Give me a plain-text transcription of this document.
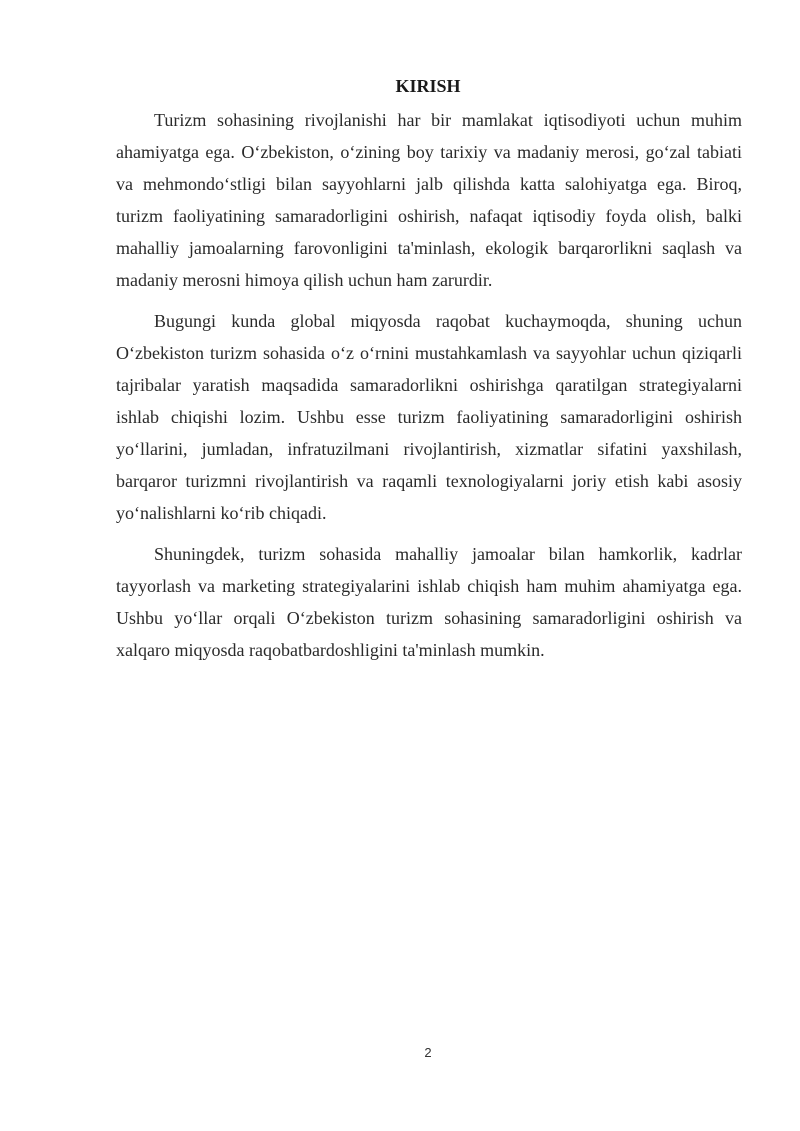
KIRISH

Turizm sohasining rivojlanishi har bir mamlakat iqtisodiyoti uchun muhim ahamiyatga ega. O‘zbekiston, o‘zining boy tarixiy va madaniy merosi, go‘zal tabiati va mehmondo‘stligi bilan sayyohlarni jalb qilishda katta salohiyatga ega. Biroq, turizm faoliyatining samaradorligini oshirish, nafaqat iqtisodiy foyda olish, balki mahalliy jamoalarning farovonligini ta'minlash, ekologik barqarorlikni saqlash va madaniy merosni himoya qilish uchun ham zarurdir.

Bugungi kunda global miqyosda raqobat kuchaymoqda, shuning uchun O‘zbekiston turizm sohasida o‘z o‘rnini mustahkamlash va sayyohlar uchun qiziqarli tajribalar yaratish maqsadida samaradorlikni oshirishga qaratilgan strategiyalarni ishlab chiqishi lozim. Ushbu esse turizm faoliyatining samaradorligini oshirish yo‘llarini, jumladan, infratuzilmani rivojlantirish, xizmatlar sifatini yaxshilash, barqaror turizmni rivojlantirish va raqamli texnologiyalarni joriy etish kabi asosiy yo‘nalishlarni ko‘rib chiqadi.

Shuningdek, turizm sohasida mahalliy jamoalar bilan hamkorlik, kadrlar tayyorlash va marketing strategiyalarini ishlab chiqish ham muhim ahamiyatga ega. Ushbu yo‘llar orqali O‘zbekiston turizm sohasining samaradorligini oshirish va xalqaro miqyosda raqobatbardoshligini ta'minlash mumkin.

2
